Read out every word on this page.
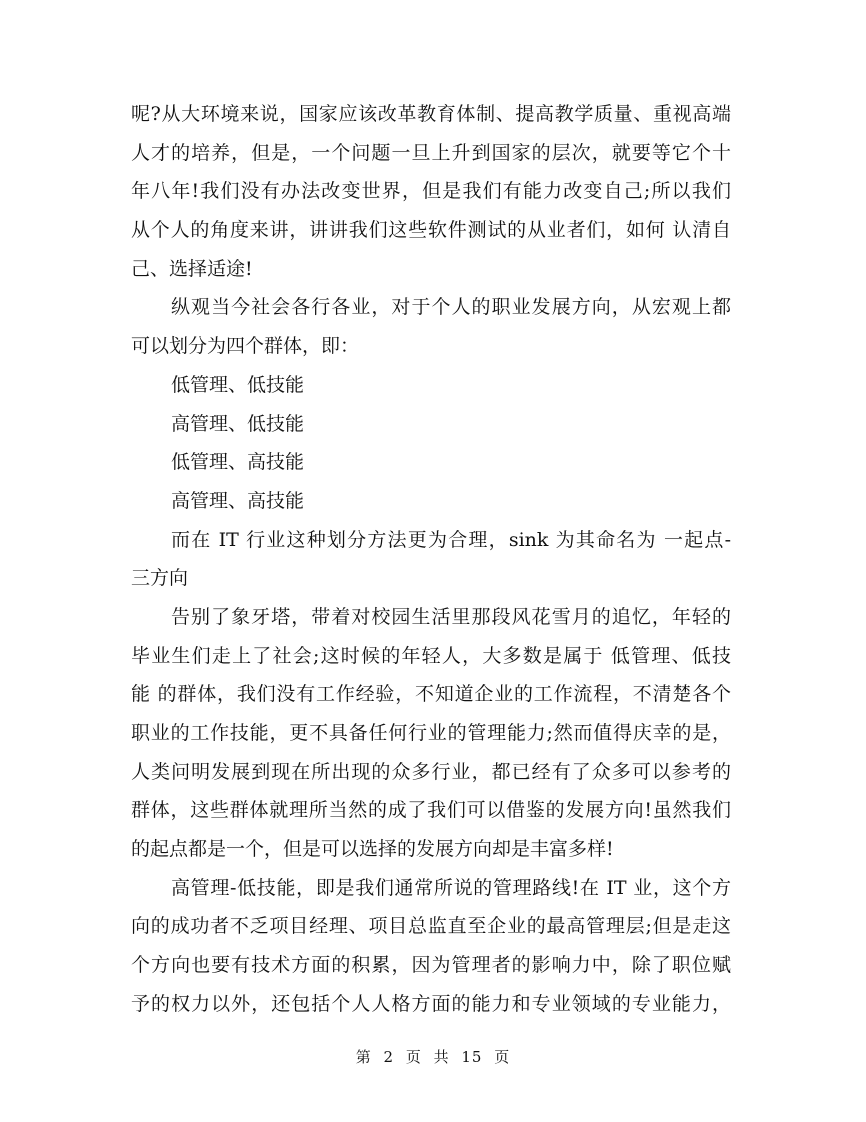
呢?从大环境来说，国家应该改革教育体制、提高教学质量、重视高端
人才的培养，但是，一个问题一旦上升到国家的层次，就要等它个十
年八年!我们没有办法改变世界，但是我们有能力改变自己;所以我们
从个人的角度来讲，讲讲我们这些软件测试的从业者们，如何 认清自
己、选择适途!
纵观当今社会各行各业，对于个人的职业发展方向，从宏观上都
可以划分为四个群体，即：
低管理、低技能
高管理、低技能
低管理、高技能
高管理、高技能
而在 IT 行业这种划分方法更为合理，sink 为其命名为 一起点-
三方向
告别了象牙塔，带着对校园生活里那段风花雪月的追忆，年轻的
毕业生们走上了社会;这时候的年轻人，大多数是属于 低管理、低技
能 的群体，我们没有工作经验，不知道企业的工作流程，不清楚各个
职业的工作技能，更不具备任何行业的管理能力;然而值得庆幸的是，
人类问明发展到现在所出现的众多行业，都已经有了众多可以参考的
群体，这些群体就理所当然的成了我们可以借鉴的发展方向!虽然我们
的起点都是一个，但是可以选择的发展方向却是丰富多样!
高管理-低技能，即是我们通常所说的管理路线!在 IT 业，这个方
向的成功者不乏项目经理、项目总监直至企业的最高管理层;但是走这
个方向也要有技术方面的积累，因为管理者的影响力中，除了职位赋
予的权力以外，还包括个人人格方面的能力和专业领域的专业能力，
第 2 页 共 15 页
